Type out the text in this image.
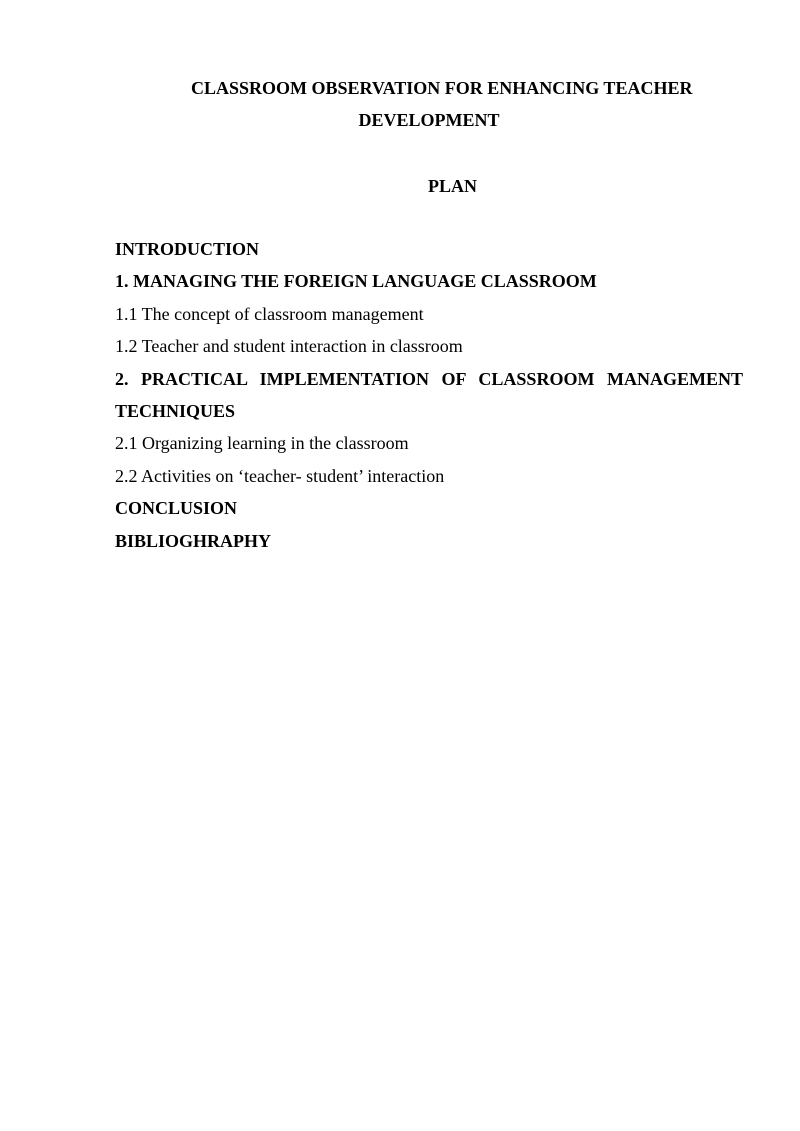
CLASSROOM OBSERVATION FOR ENHANCING TEACHER
DEVELOPMENT
PLAN
INTRODUCTION
1. MANAGING THE FOREIGN LANGUAGE CLASSROOM
1.1 The concept of classroom management
1.2 Teacher and student interaction in classroom
2. PRACTICAL IMPLEMENTATION OF CLASSROOM MANAGEMENT
TECHNIQUES
2.1 Organizing learning in the classroom
2.2 Activities on ‘teacher- student’ interaction
CONCLUSION
BIBLIOGHRAPHY
